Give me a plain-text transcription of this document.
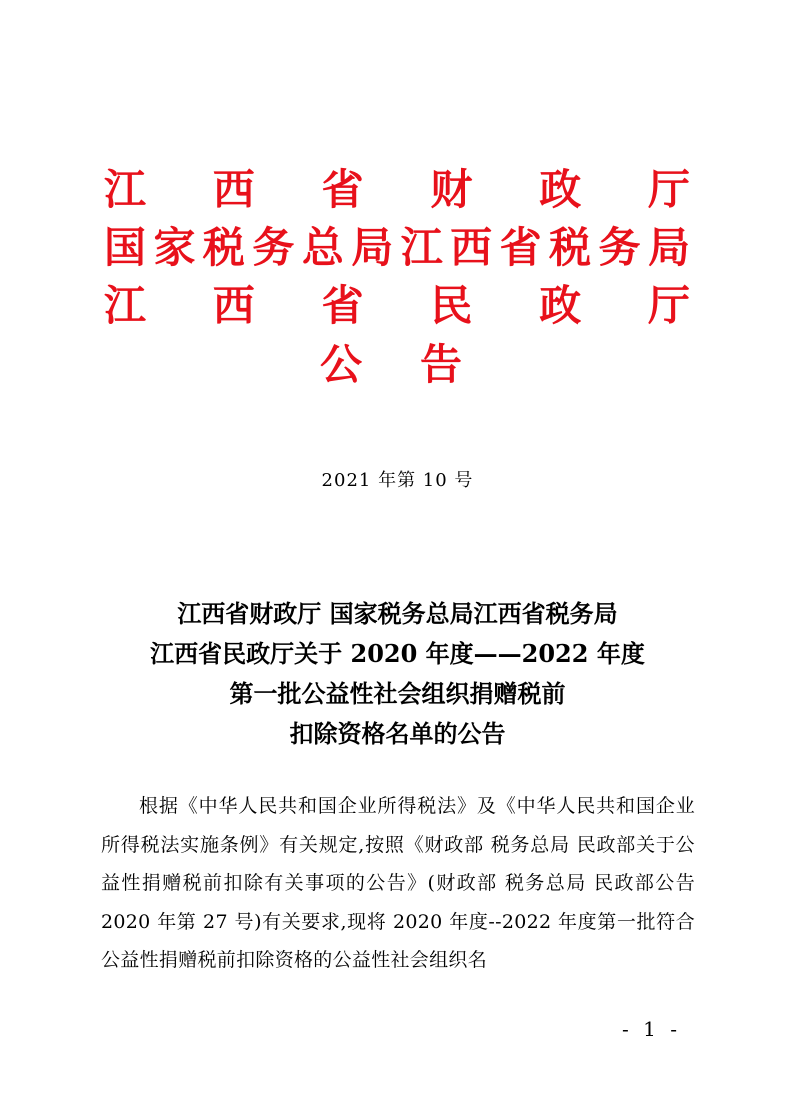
江 西 省 财 政 厅
国 家 税 务 总 局 江 西 省 税 务 局
江 西 省 民 政 厅
公 告
2021 年第 10 号
江西省财政厅 国家税务总局江西省税务局
江西省民政厅关于 2020 年度——2022 年度
第一批公益性社会组织捐赠税前
扣除资格名单的公告

根据《中华人民共和国企业所得税法》及《中华人民共和国企业所得税法实施条例》有关规定,按照《财政部 税务总局 民政部关于公益性捐赠税前扣除有关事项的公告》(财政部 税务总局 民政部公告 2020 年第 27 号)有关要求,现将 2020 年度--2022 年度第一批符合公益性捐赠税前扣除资格的公益性社会组织名

- 1 -
